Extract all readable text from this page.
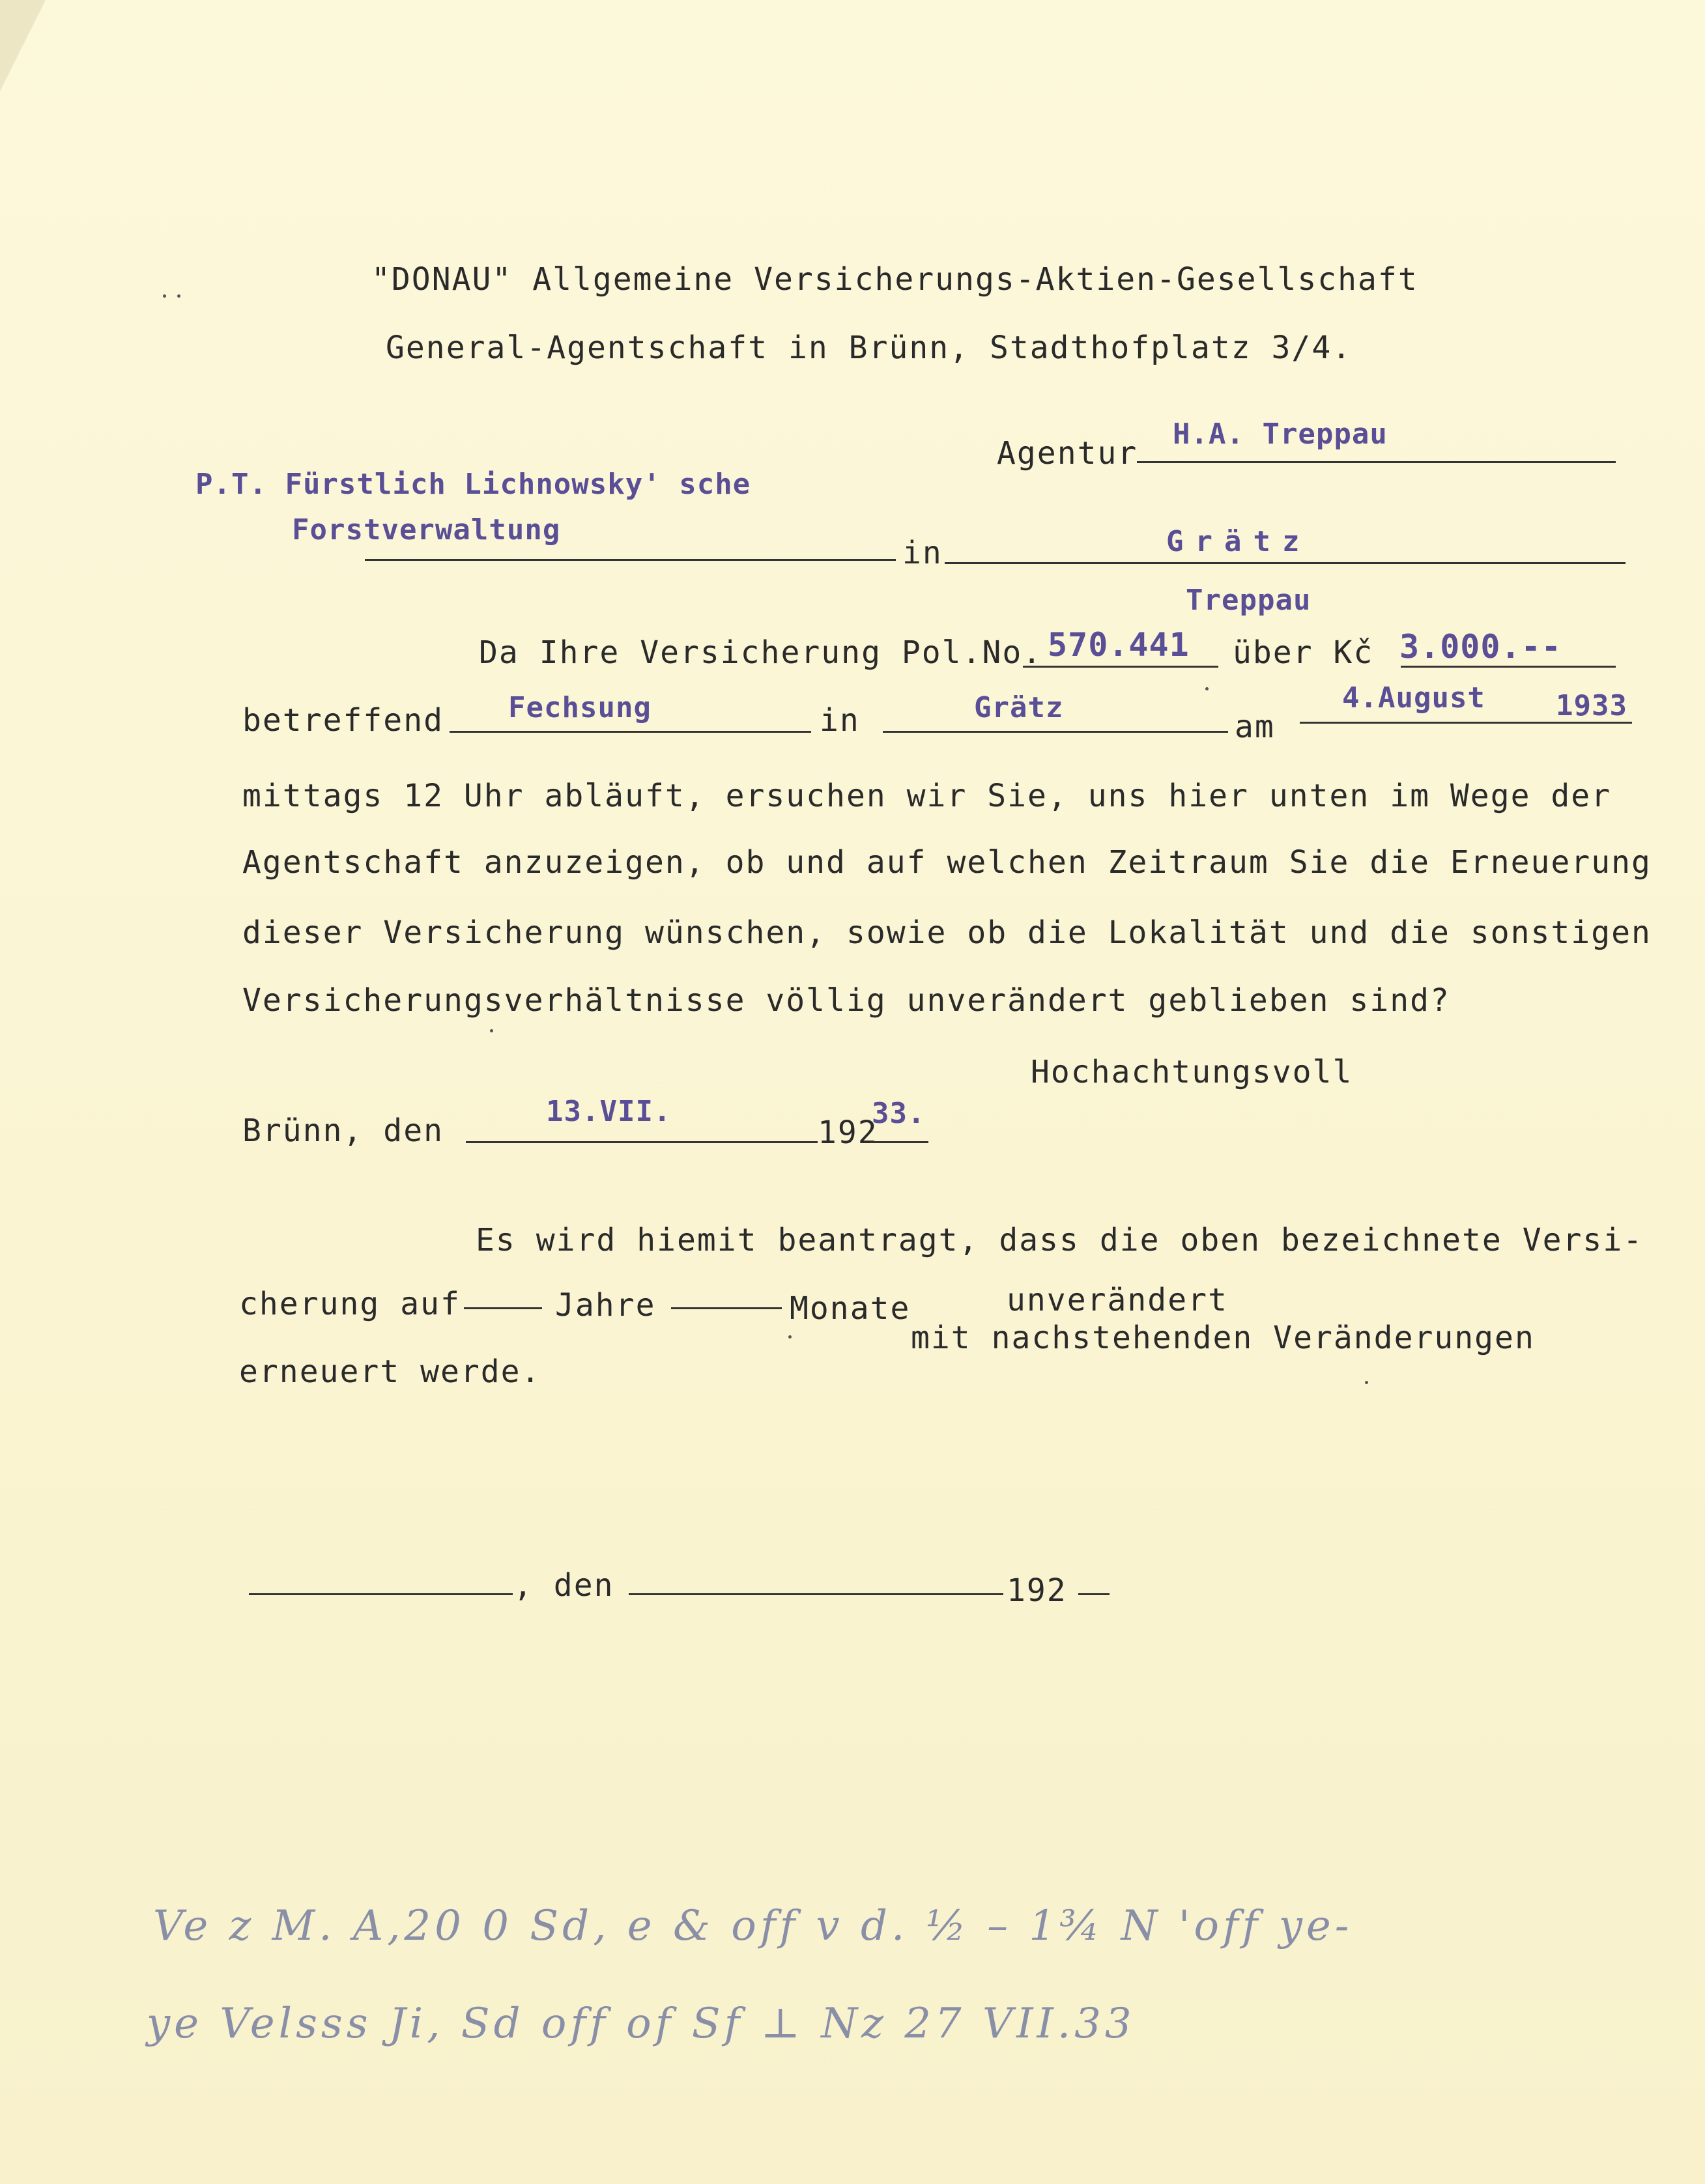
"DONAU" Allgemeine Versicherungs-Aktien-Gesellschaft
General-Agentschaft in Brünn, Stadthofplatz 3/4.
Agentur
H.A. Treppau
P.T. Fürstlich Lichnowsky' sche
Forstverwaltung
in	Grätz
Treppau
Da Ihre Versicherung Pol.No. 570.441 über Kč 3.000.--
betreffend Fechsung	in	Grätz
am
4.August 1933
mittags 12 Uhr abläuft, ersuchen wir Sie, uns hier unten im Wege der
Agentschaft anzuzeigen, ob und auf welchen Zeitraum Sie die Erneuerung
dieser Versicherung wünschen, sowie ob die Lokalität und die sonstigen
Versicherungsverhältnisse völlig unverändert geblieben sind?
Hochachtungsvoll
Brünn, den
13.VII.
192
33.
Es wird hiemit beantragt, dass die oben bezeichnete Versi-
cherung auf	Jahre	Monate	unverändert
mit nachstehenden Veränderungen
erneuert werde.
, den	192
Ve z M. A,20 0 Sd, e & off v d. ½ – 1¾ N 'off ye-
ye Velsss Ji, Sd off of Sf ⊥ Nz 27 VII.33
